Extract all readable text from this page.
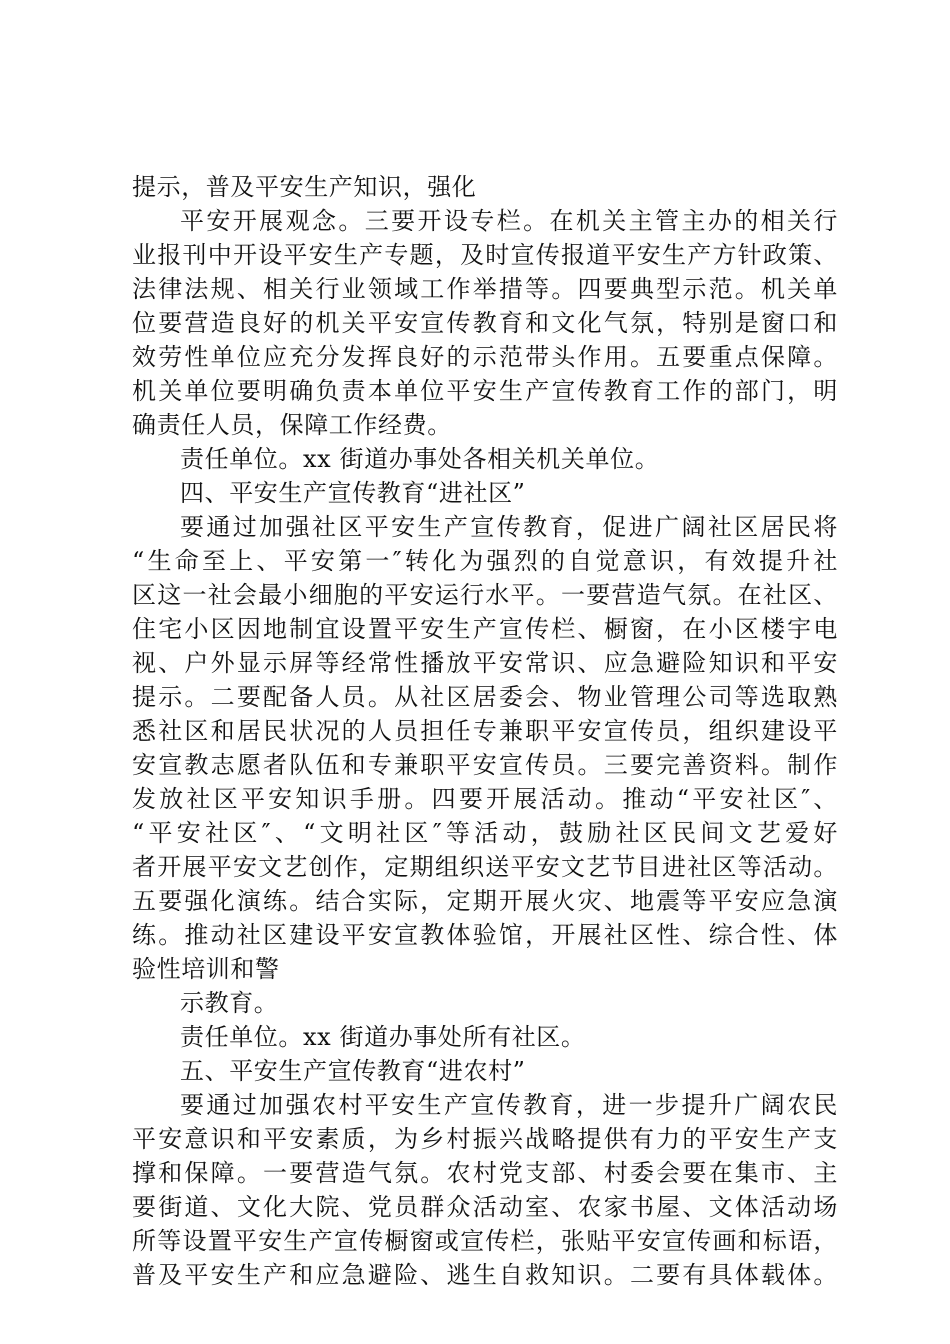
提示，普及平安生产知识，强化
平安开展观念。三要开设专栏。在机关主管主办的相关行
业报刊中开设平安生产专题，及时宣传报道平安生产方针政策、
法律法规、相关行业领域工作举措等。四要典型示范。机关单
位要营造良好的机关平安宣传教育和文化气氛，特别是窗口和
效劳性单位应充分发挥良好的示范带头作用。五要重点保障。
机关单位要明确负责本单位平安生产宣传教育工作的部门，明
确责任人员，保障工作经费。
责任单位。xx 街道办事处各相关机关单位。
四、平安生产宣传教育“进社区”
要通过加强社区平安生产宣传教育，促进广阔社区居民将
“生命至上、平安第一″转化为强烈的自觉意识，有效提升社
区这一社会最小细胞的平安运行水平。一要营造气氛。在社区、
住宅小区因地制宜设置平安生产宣传栏、橱窗，在小区楼宇电
视、户外显示屏等经常性播放平安常识、应急避险知识和平安
提示。二要配备人员。从社区居委会、物业管理公司等选取熟
悉社区和居民状况的人员担任专兼职平安宣传员，组织建设平
安宣教志愿者队伍和专兼职平安宣传员。三要完善资料。制作
发放社区平安知识手册。四要开展活动。推动“平安社区″、
“平安社区″、“文明社区″等活动，鼓励社区民间文艺爱好
者开展平安文艺创作，定期组织送平安文艺节目进社区等活动。
五要强化演练。结合实际，定期开展火灾、地震等平安应急演
练。推动社区建设平安宣教体验馆，开展社区性、综合性、体
验性培训和警
示教育。
责任单位。xx 街道办事处所有社区。
五、平安生产宣传教育“进农村”
要通过加强农村平安生产宣传教育，进一步提升广阔农民
平安意识和平安素质，为乡村振兴战略提供有力的平安生产支
撑和保障。一要营造气氛。农村党支部、村委会要在集市、主
要街道、文化大院、党员群众活动室、农家书屋、文体活动场
所等设置平安生产宣传橱窗或宣传栏，张贴平安宣传画和标语，
普及平安生产和应急避险、逃生自救知识。二要有具体载体。
